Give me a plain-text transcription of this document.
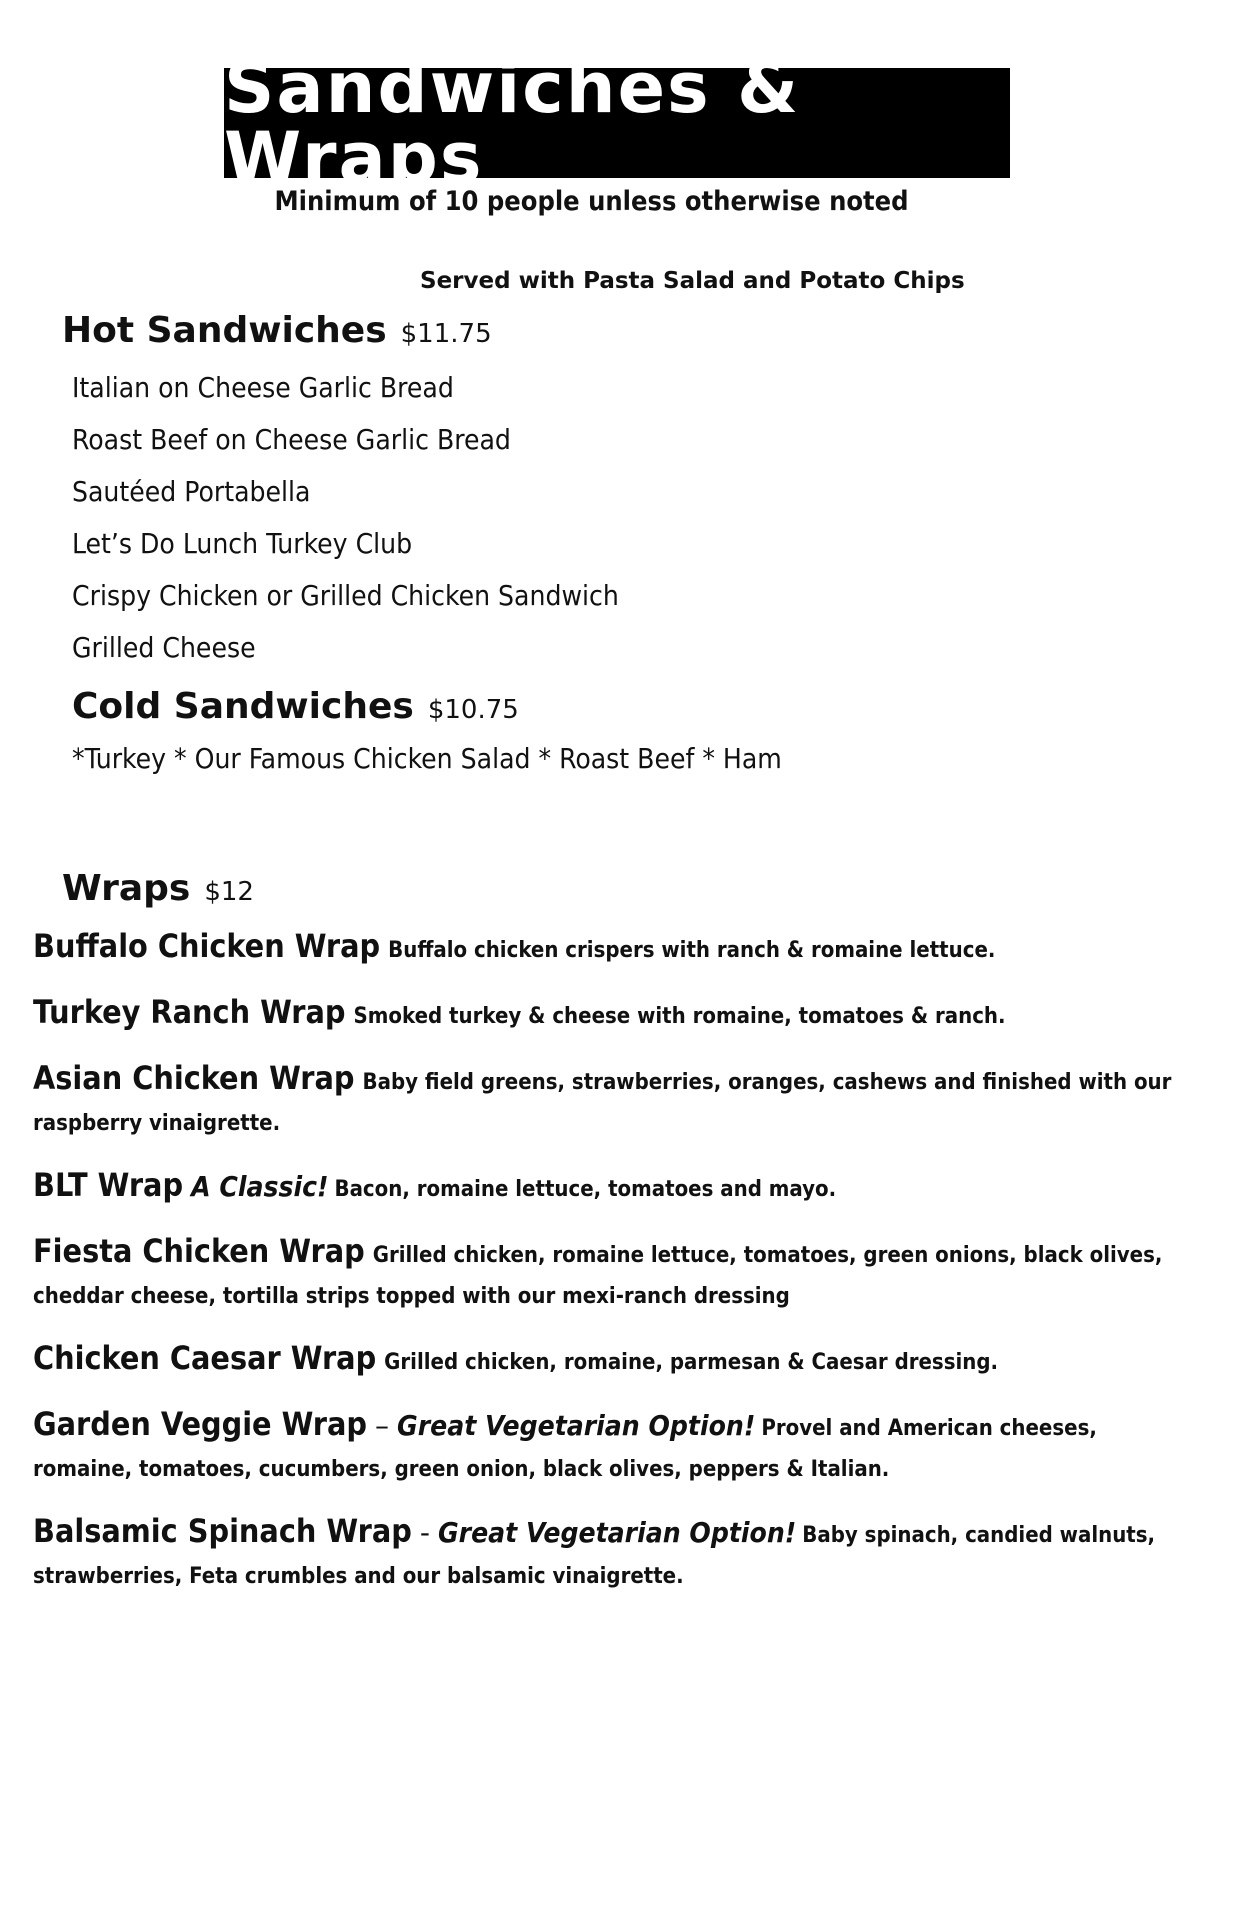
Sandwiches & Wraps
Minimum of 10 people unless otherwise noted
Served with Pasta Salad and Potato Chips
Hot Sandwiches $11.75
Italian on Cheese Garlic Bread
Roast Beef on Cheese Garlic Bread
Sautéed Portabella
Let’s Do Lunch Turkey Club
Crispy Chicken or Grilled Chicken Sandwich
Grilled Cheese
Cold Sandwiches $10.75
*Turkey * Our Famous Chicken Salad * Roast Beef * Ham
Wraps $12
Buffalo Chicken Wrap Buffalo chicken crispers with ranch & romaine lettuce.
Turkey Ranch Wrap Smoked turkey & cheese with romaine, tomatoes & ranch.
Asian Chicken Wrap Baby field greens, strawberries, oranges, cashews and finished with our raspberry vinaigrette.
BLT Wrap A Classic! Bacon, romaine lettuce, tomatoes and mayo.
Fiesta Chicken Wrap Grilled chicken, romaine lettuce, tomatoes, green onions, black olives, cheddar cheese, tortilla strips topped with our mexi-ranch dressing
Chicken Caesar Wrap Grilled chicken, romaine, parmesan & Caesar dressing.
Garden Veggie Wrap – Great Vegetarian Option! Provel and American cheeses, romaine, tomatoes, cucumbers, green onion, black olives, peppers & Italian.
Balsamic Spinach Wrap - Great Vegetarian Option! Baby spinach, candied walnuts, strawberries, Feta crumbles and our balsamic vinaigrette.
